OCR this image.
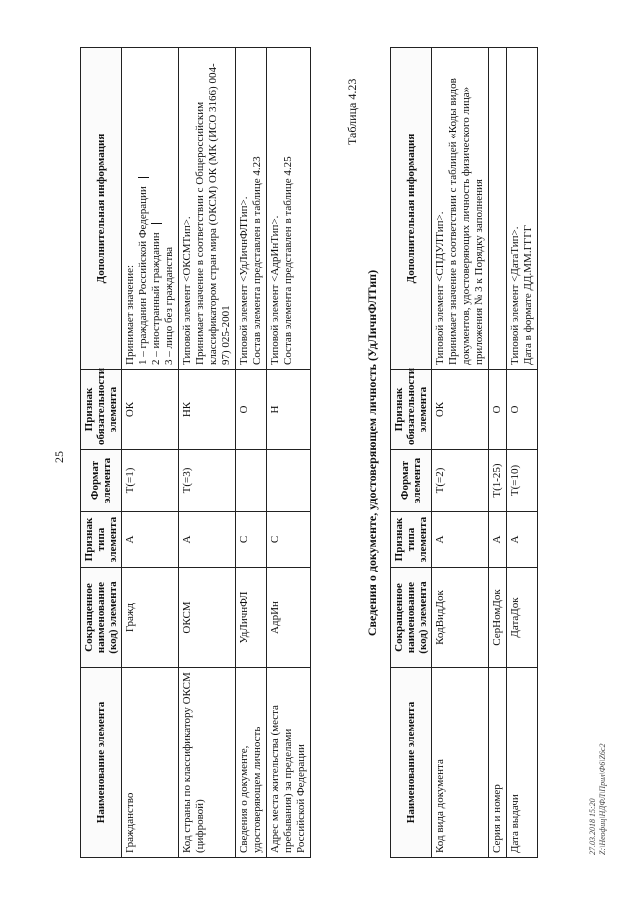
25
Наименование элемента	Сокращенное наименование (код) элемента	Признак типа элемента	Формат элемента	Признак обязательности элемента	Дополнительная информация
Гражданство	Гражд	А	T(=1)	ОК	Принимает значение: 1 – гражданин Российской Федерации 2 – иностранный гражданин 3 – лицо без гражданства

Код страны по классификатору ОКСМ (цифровой)	ОКСМ	А	T(=3)	НК	Типовой элемент <ОКСМТип>. Принимает значение в соответствии с Общероссийским классификатором стран мира (ОКСМ) ОК (МК (ИСО 3166) 004-97) 025-2001

Сведения о документе, удостоверяющем личность	УдЛичнФЛ	С		О	Типовой элемент <УдЛичнФЛТип>. Состав элемента представлен в таблице 4.23

Адрес места жительства (места пребывания) за пределами Российской Федерации	АдрИн	С		Н	Типовой элемент <АдрИнТип>. Состав элемента представлен в таблице 4.25
Таблица 4.23
Сведения о документе, удостоверяющем личность (УдЛичнФЛТип)
Наименование элемента	Сокращенное наименование (код) элемента	Признак типа элемента	Формат элемента	Признак обязательности элемента	Дополнительная информация
Код вида документа	КодВидДок	А	T(=2)	ОК	Типовой элемент <СПДУЛТип>. Принимает значение в соответствии с таблицей «Коды видов документов, удостоверяющих личность физического лица» приложения № 3 к Порядку заполнения

Серия и номер	СерНомДок	А	T(1-25)	О	
Дата выдачи	ДатаДок	А	T(=10)	О	Типовой элемент <ДатаТип>. Дата в формате ДД.ММ.ГГГГ
27.03.2018 15:20 Z:\Неофиц\НДФЛ\Прил\Ф6\Z6c2
